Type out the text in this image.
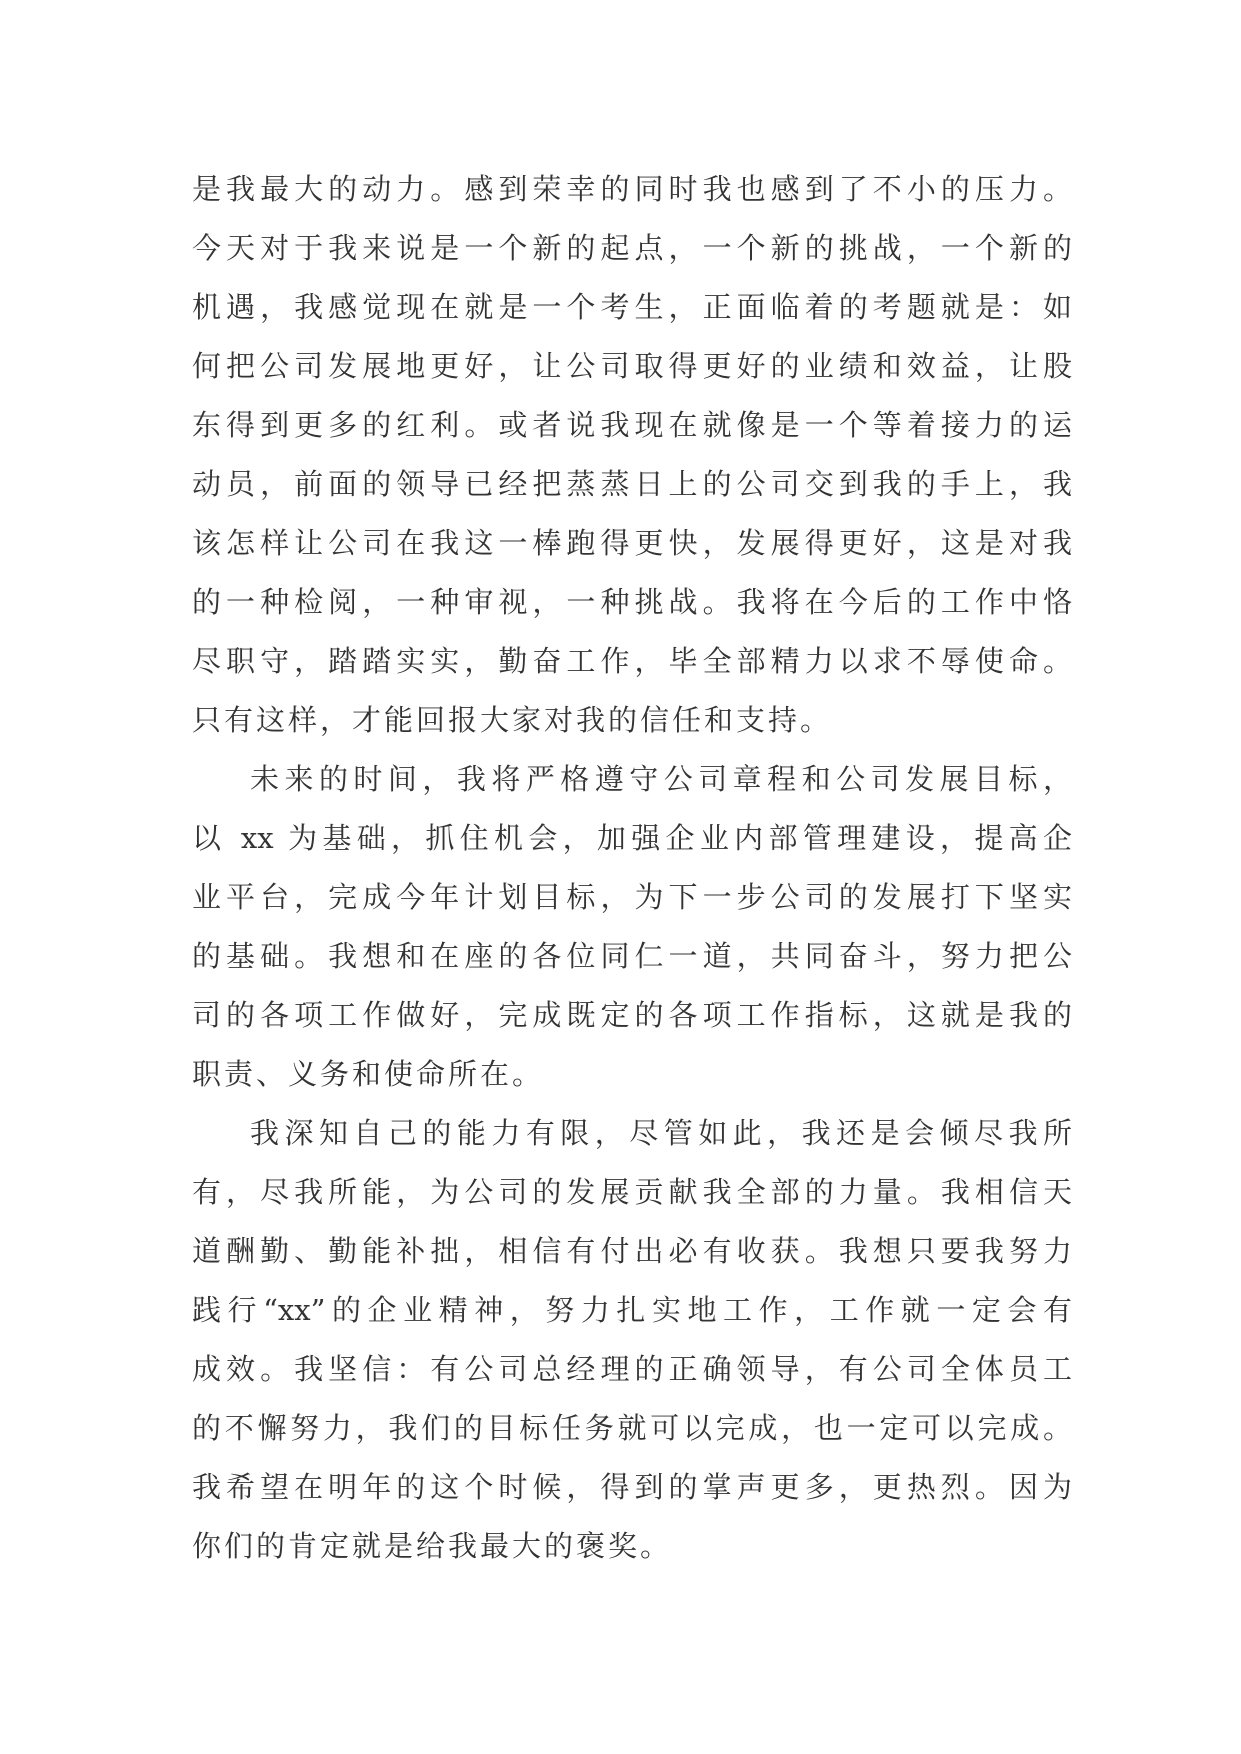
是我最大的动力。感到荣幸的同时我也感到了不小的压力。
今天对于我来说是一个新的起点，一个新的挑战，一个新的
机遇，我感觉现在就是一个考生，正面临着的考题就是：如
何把公司发展地更好，让公司取得更好的业绩和效益，让股
东得到更多的红利。或者说我现在就像是一个等着接力的运
动员，前面的领导已经把蒸蒸日上的公司交到我的手上，我
该怎样让公司在我这一棒跑得更快，发展得更好，这是对我
的一种检阅，一种审视，一种挑战。我将在今后的工作中恪
尽职守，踏踏实实，勤奋工作，毕全部精力以求不辱使命。
只有这样，才能回报大家对我的信任和支持。
未来的时间，我将严格遵守公司章程和公司发展目标，
以 xx 为基础，抓住机会，加强企业内部管理建设，提高企
业平台，完成今年计划目标，为下一步公司的发展打下坚实
的基础。我想和在座的各位同仁一道，共同奋斗，努力把公
司的各项工作做好，完成既定的各项工作指标，这就是我的
职责、义务和使命所在。
我深知自己的能力有限，尽管如此，我还是会倾尽我所
有，尽我所能，为公司的发展贡献我全部的力量。我相信天
道酬勤、勤能补拙，相信有付出必有收获。我想只要我努力
践行“xx”的企业精神，努力扎实地工作，工作就一定会有
成效。我坚信：有公司总经理的正确领导，有公司全体员工
的不懈努力，我们的目标任务就可以完成，也一定可以完成。
我希望在明年的这个时候，得到的掌声更多，更热烈。因为
你们的肯定就是给我最大的褒奖。
